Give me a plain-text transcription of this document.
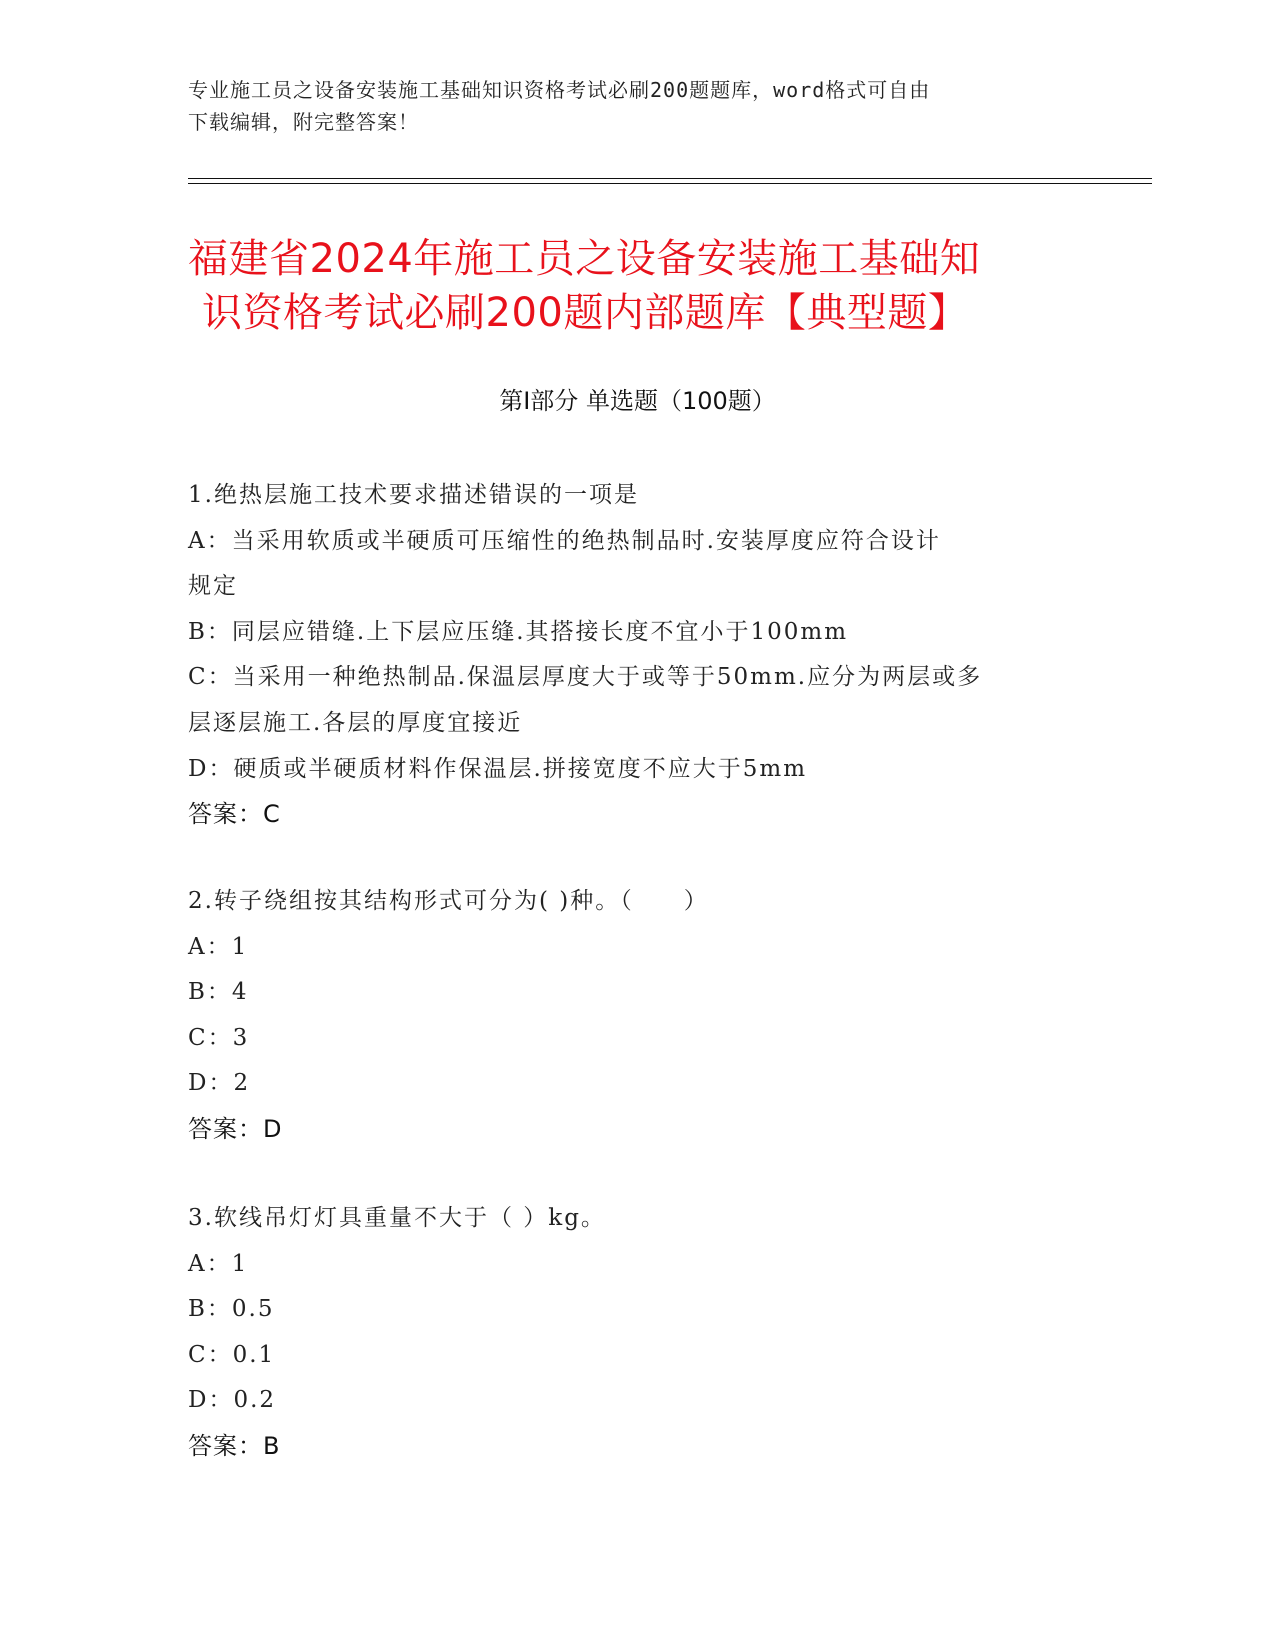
专业施工员之设备安装施工基础知识资格考试必刷200题题库，word格式可自由
下载编辑，附完整答案！
福建省2024年施工员之设备安装施工基础知
识资格考试必刷200题内部题库【典型题】
第Ⅰ部分 单选题（100题）
1.绝热层施工技术要求描述错误的一项是
A：当采用软质或半硬质可压缩性的绝热制品时.安装厚度应符合设计
规定
B：同层应错缝.上下层应压缝.其搭接长度不宜小于100mm
C：当采用一种绝热制品.保温层厚度大于或等于50mm.应分为两层或多
层逐层施工.各层的厚度宜接近
D：硬质或半硬质材料作保温层.拼接宽度不应大于5mm
答案：C
2.转子绕组按其结构形式可分为( )种。（　　）
A：1
B：4
C：3
D：2
答案：D
3.软线吊灯灯具重量不大于（ ）kg。
A：1
B：0.5
C：0.1
D：0.2
答案：B
